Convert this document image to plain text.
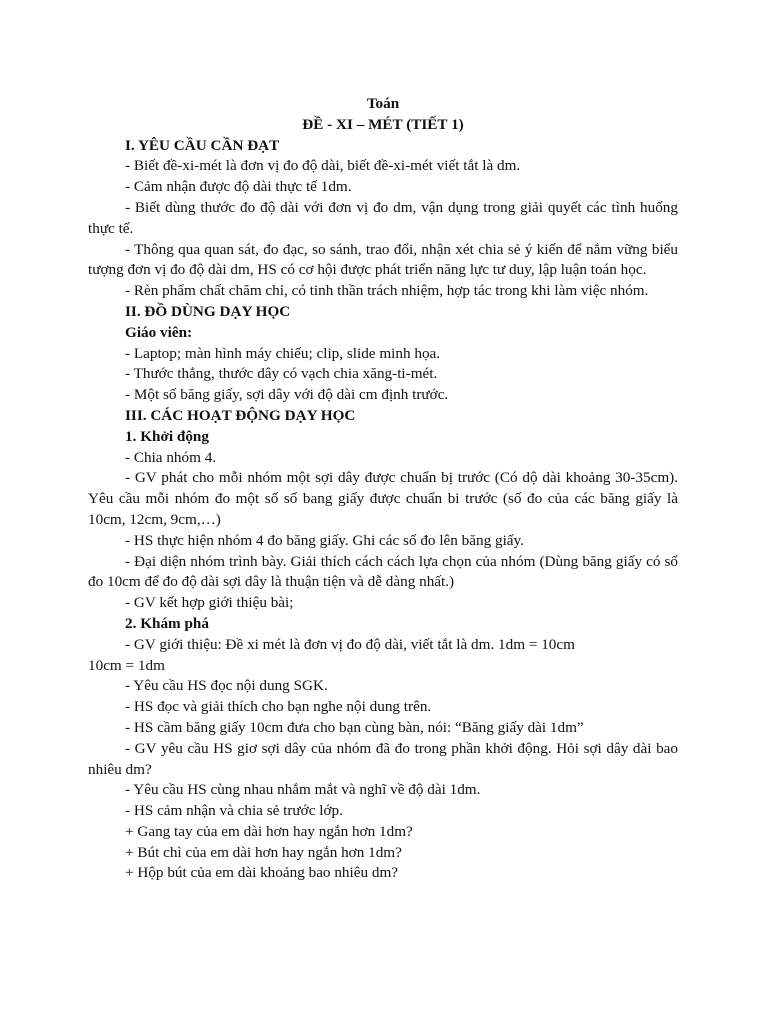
Toán
ĐỀ - XI – MÉT (TIẾT 1)
I. YÊU CẦU CẦN ĐẠT
- Biết đề-xi-mét là đơn vị đo độ dài, biết đề-xi-mét viết tắt là dm.
- Cảm nhận được độ dài thực tế 1dm.
- Biết dùng thước đo độ dài với đơn vị đo dm, vận dụng trong giải quyết các tình huống thực tế.
- Thông qua quan sát, đo đạc, so sánh, trao đổi, nhận xét chia sẻ ý kiến để nắm vững biểu tượng đơn vị đo độ dài dm, HS có cơ hội được phát triển năng lực tư duy, lập luận toán học.
- Rèn phẩm chất chăm chỉ, có tinh thần trách nhiệm, hợp tác trong khi làm việc nhóm.
II. ĐỒ DÙNG DẠY HỌC
Giáo viên:
- Laptop; màn hình máy chiếu; clip, slide minh họa.
- Thước thẳng, thước dây có vạch chia xăng-ti-mét.
- Một số băng giấy, sợi dây với độ dài cm định trước.
III. CÁC HOẠT ĐỘNG DẠY HỌC
1. Khởi động
- Chia nhóm 4.
- GV phát cho mỗi nhóm một sợi dây được chuẩn bị trước (Có dộ dài khoảng 30-35cm). Yêu cầu mỗi nhóm đo một số số bang giấy được chuẩn bi trước (số đo của các băng giấy là 10cm, 12cm, 9cm,…)
- HS thực hiện nhóm 4 đo băng giấy. Ghi các số đo lên băng giấy.
- Đại diện nhóm trình bày. Giải thích cách cách lựa chọn của nhóm (Dùng băng giấy có số đo 10cm để đo độ dài sợi dây là thuận tiện và dễ dàng nhất.)
- GV kết hợp giới thiệu bài;
2. Khám phá
- GV giới thiệu: Đề xi mét là đơn vị đo độ dài, viết tắt là dm. 1dm = 10cm
10cm = 1dm
- Yêu cầu HS đọc nội dung SGK.
- HS đọc và giải thích cho bạn nghe nội dung trên.
- HS cầm băng giấy 10cm đưa cho bạn cùng bàn, nói: “Băng giấy dài 1dm”
- GV yêu cầu HS giơ sợi dây của nhóm đã đo trong phần khởi động. Hỏi sợi dây dài bao nhiêu dm?
- Yêu cầu HS cùng nhau nhắm mắt và nghĩ về độ dài 1dm.
- HS cảm nhận và chia sẻ trước lớp.
+ Gang tay của em dài hơn hay ngắn hơn 1dm?
+ Bút chì của em dài hơn hay ngắn hơn 1dm?
+ Hộp bút của em dài khoảng bao nhiêu dm?
